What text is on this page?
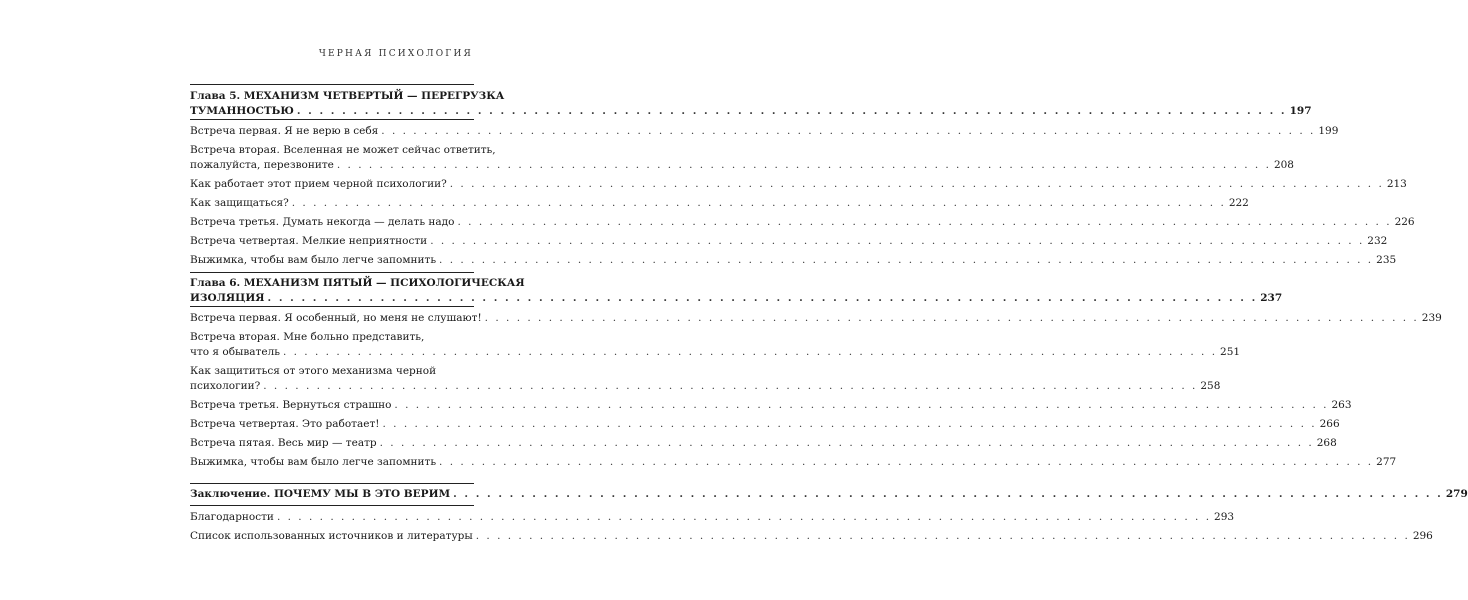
ЧЕРНАЯ ПСИХОЛОГИЯ
Глава 5. МЕХАНИЗМ ЧЕТВЕРТЫЙ — ПЕРЕГРУЗКА
ТУМАННОСТЬЮ . . .	197
Встреча первая. Я не верю в себя . . .	199
Встреча вторая. Вселенная не может сейчас ответить,
пожалуйста, перезвоните . . .	208
Как работает этот прием черной психологии? . . .	213
Как защищаться? . . .	222
Встреча третья. Думать некогда — делать надо . . .	226
Встреча четвертая. Мелкие неприятности . . .	232
Выжимка, чтобы вам было легче запомнить . . .	235
Глава 6. МЕХАНИЗМ ПЯТЫЙ — ПСИХОЛОГИЧЕСКАЯ
ИЗОЛЯЦИЯ . . .	237
Встреча первая. Я особенный, но меня не слушают! . . .	239
Встреча вторая. Мне больно представить,
что я обыватель . . .	251
Как защититься от этого механизма черной
психологии? . . .	258
Встреча третья. Вернуться страшно . . .	263
Встреча четвертая. Это работает! . . .	266
Встреча пятая. Весь мир — театр . . .	268
Выжимка, чтобы вам было легче запомнить . . .	277
Заключение. ПОЧЕМУ МЫ В ЭТО ВЕРИМ . . .	279
Благодарности . . .	293
Список использованных источников и литературы . . .	296
